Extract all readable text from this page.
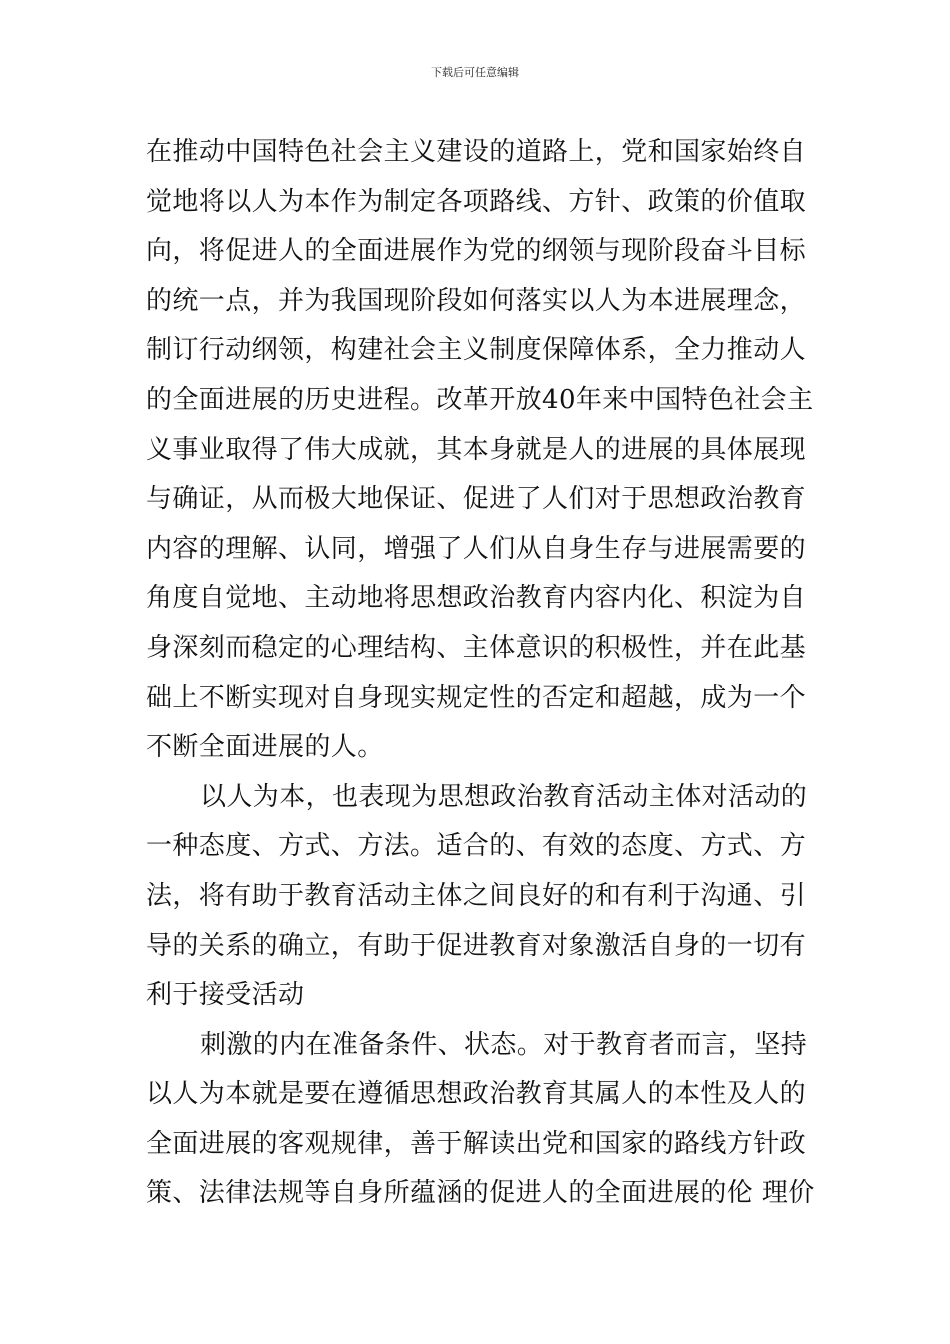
下载后可任意编辑
在推动中国特色社会主义建设的道路上，党和国家始终自
觉地将以人为本作为制定各项路线、方针、政策的价值取
向，将促进人的全面进展作为党的纲领与现阶段奋斗目标
的统一点，并为我国现阶段如何落实以人为本进展理念，
制订行动纲领，构建社会主义制度保障体系，全力推动人
的全面进展的历史进程。改革开放40年来中国特色社会主
义事业取得了伟大成就，其本身就是人的进展的具体展现
与确证，从而极大地保证、促进了人们对于思想政治教育
内容的理解、认同，增强了人们从自身生存与进展需要的
角度自觉地、主动地将思想政治教育内容内化、积淀为自
身深刻而稳定的心理结构、主体意识的积极性，并在此基
础上不断实现对自身现实规定性的否定和超越，成为一个
不断全面进展的人。
以人为本，也表现为思想政治教育活动主体对活动的
一种态度、方式、方法。适合的、有效的态度、方式、方
法，将有助于教育活动主体之间良好的和有利于沟通、引
导的关系的确立，有助于促进教育对象激活自身的一切有
利于接受活动
刺激的内在准备条件、状态。对于教育者而言，坚持
以人为本就是要在遵循思想政治教育其属人的本性及人的
全面进展的客观规律，善于解读出党和国家的路线方针政
策、法律法规等自身所蕴涵的促进人的全面进展的伦 理价
